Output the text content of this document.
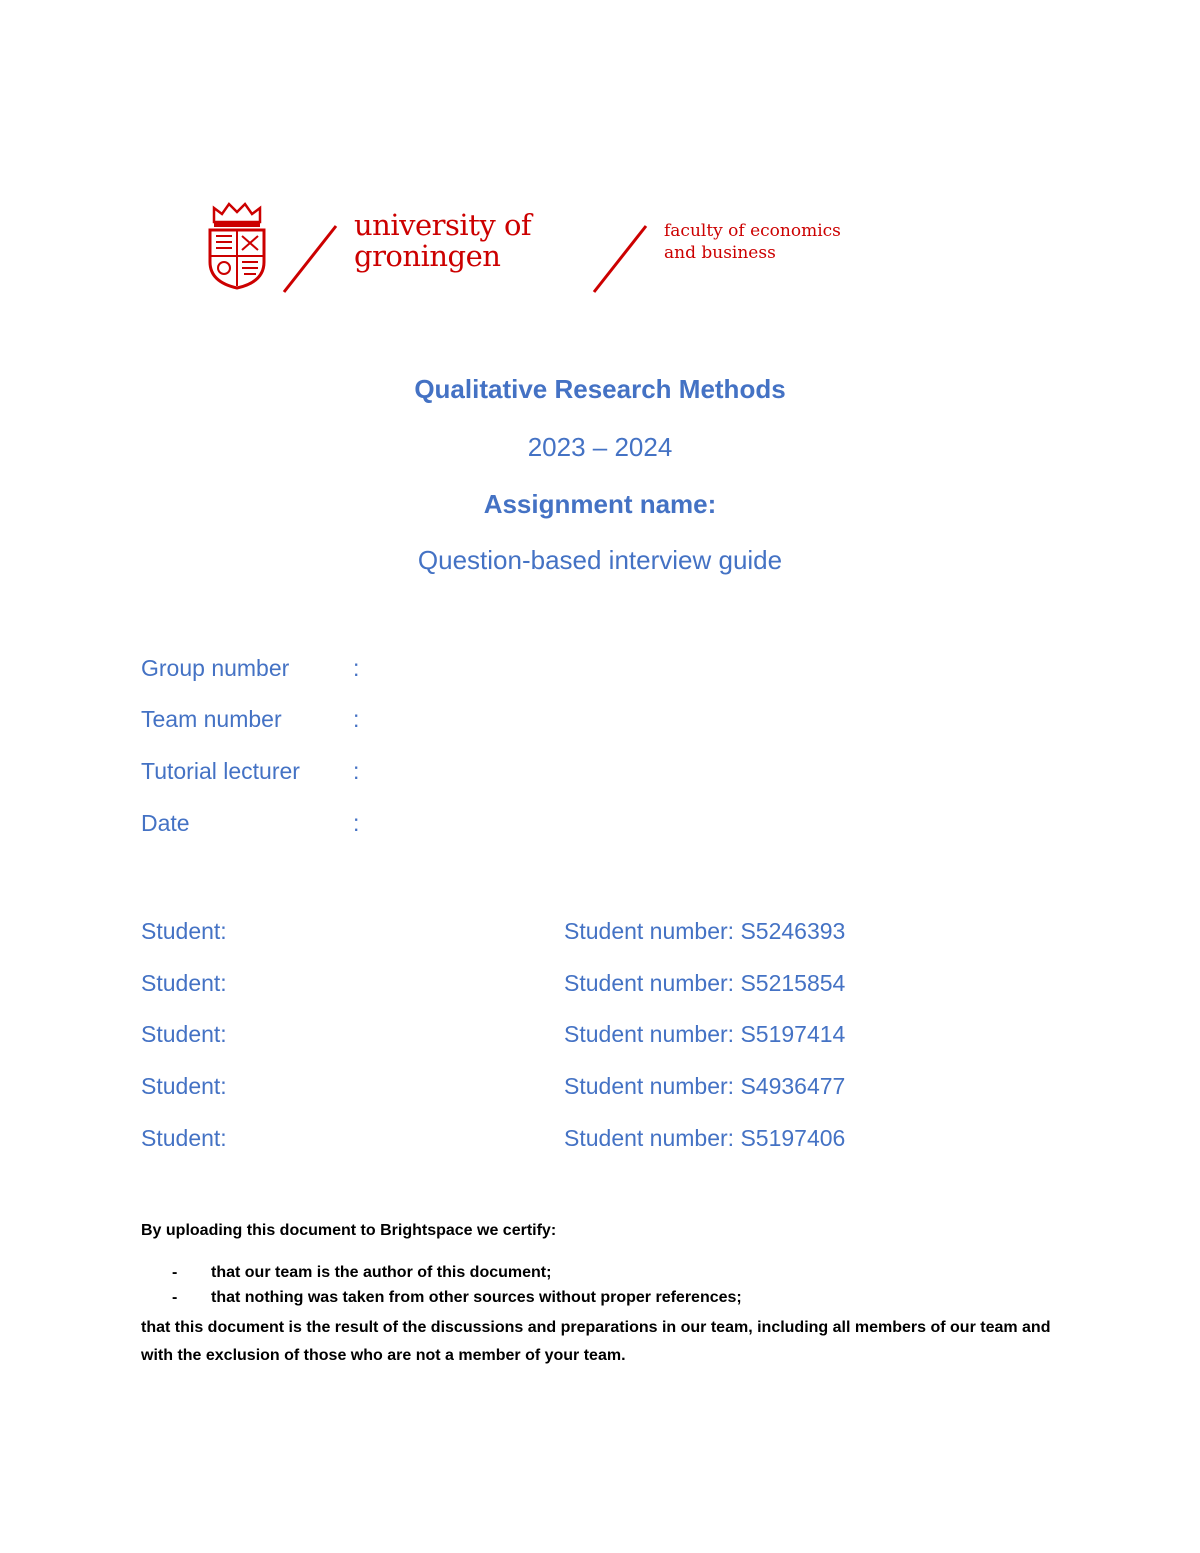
university of
groningen
faculty of economics
and business
Qualitative Research Methods
2023 – 2024
Assignment name:
Question-based interview guide
Group number	:
Team number	:
Tutorial lecturer :
Date	:
Student:	Student number: S5246393
Student:	Student number: S5215854
Student:	Student number: S5197414
Student:	Student number: S4936477
Student:	Student number: S5197406
By uploading this document to Brightspace we certify:
- that our team is the author of this document;
- that nothing was taken from other sources without proper references;
that this document is the result of the discussions and preparations in our team, including all members of our team and with the exclusion of those who are not a member of your team.
